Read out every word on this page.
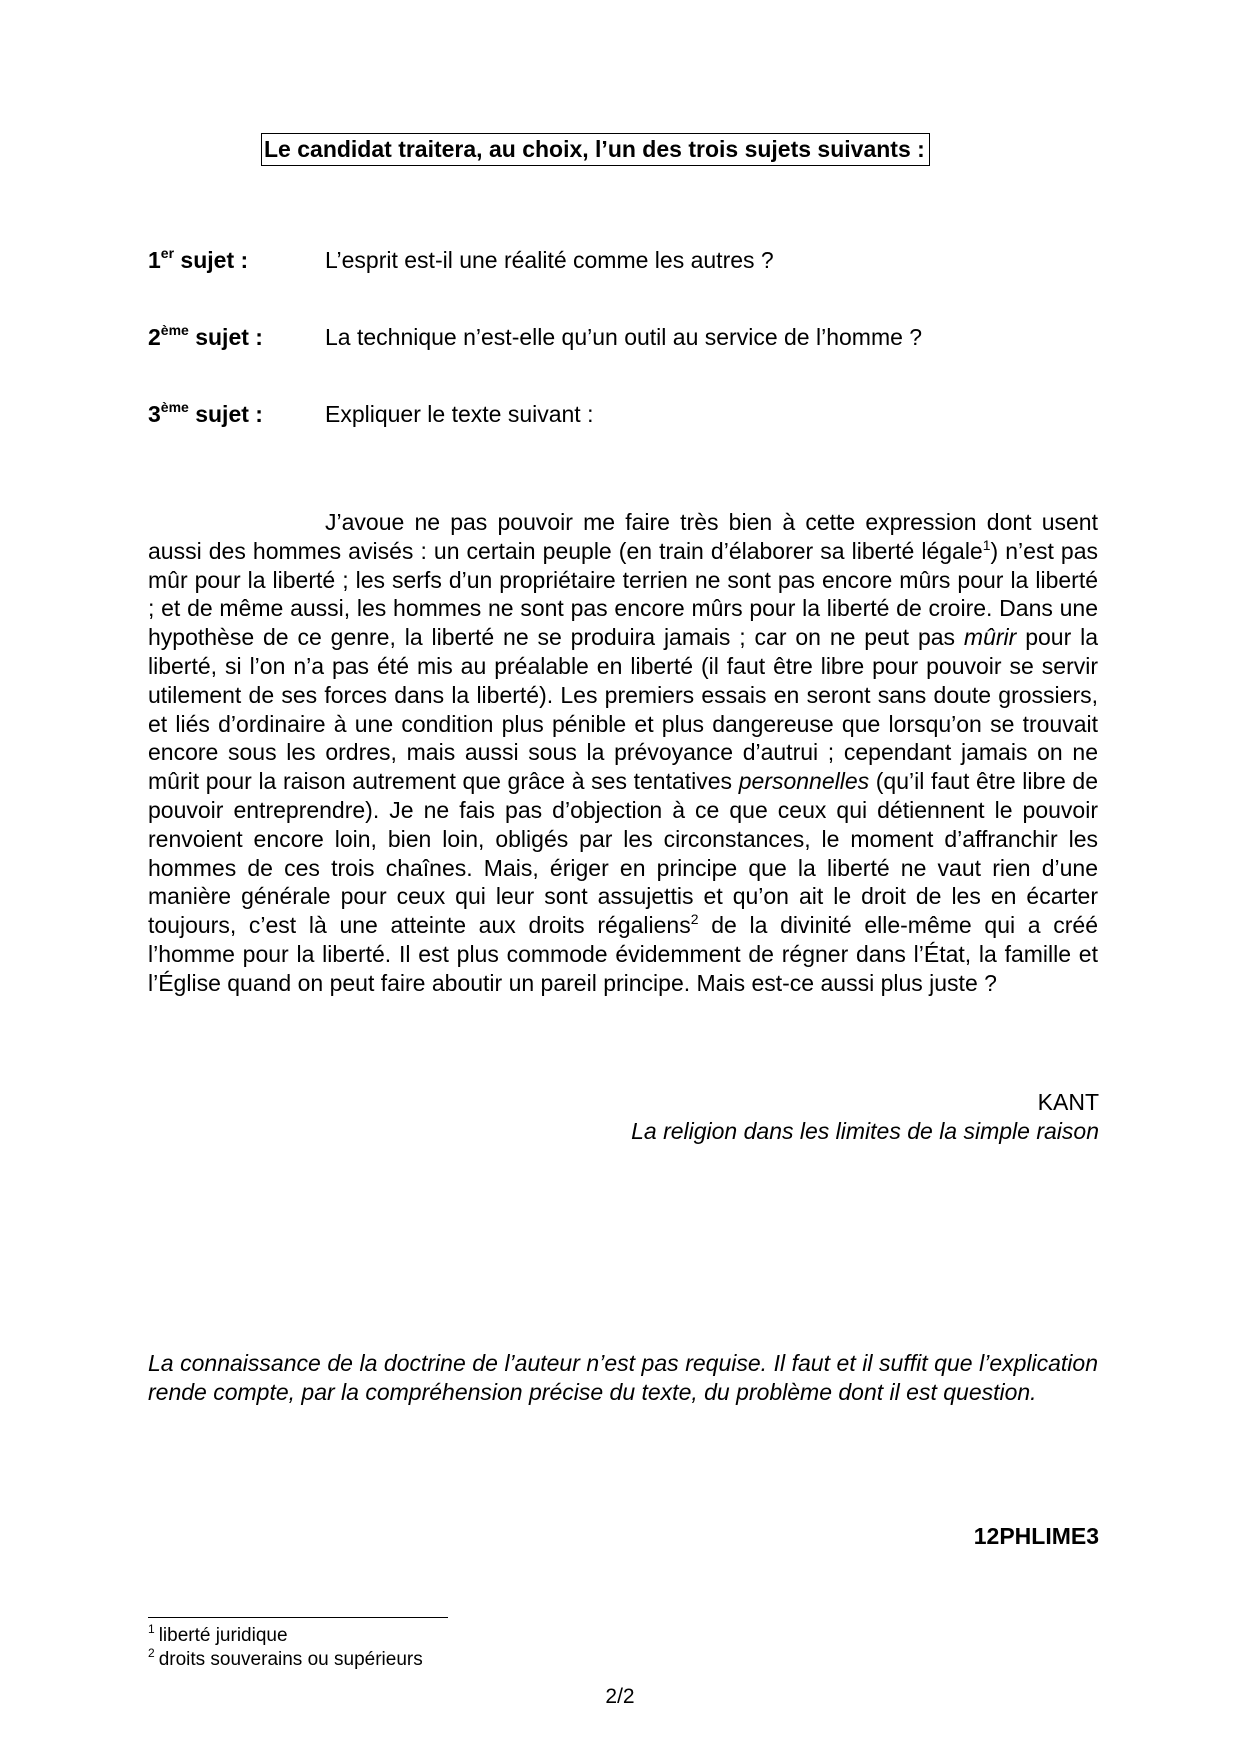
Le candidat traitera, au choix, l’un des trois sujets suivants :
1er sujet :	L’esprit est-il une réalité comme les autres ?
2ème sujet :	La technique n’est-elle qu’un outil au service de l’homme ?
3ème sujet :	Expliquer le texte suivant :

J’avoue ne pas pouvoir me faire très bien à cette expression dont usent aussi des hommes avisés : un certain peuple (en train d’élaborer sa liberté légale$^1$) n’est pas mûr pour la liberté ; les serfs d’un propriétaire terrien ne sont pas encore mûrs pour la liberté ; et de même aussi, les hommes ne sont pas encore mûrs pour la liberté de croire. Dans une hypothèse de ce genre, la liberté ne se produira jamais ; car on ne peut pas mûrir pour la liberté, si l’on n’a pas été mis au préalable en liberté (il faut être libre pour pouvoir se servir utilement de ses forces dans la liberté). Les premiers essais en seront sans doute grossiers, et liés d’ordinaire à une condition plus pénible et plus dangereuse que lorsqu’on se trouvait encore sous les ordres, mais aussi sous la prévoyance d’autrui ; cependant jamais on ne mûrit pour la raison autrement que grâce à ses tentatives personnelles (qu’il faut être libre de pouvoir entreprendre). Je ne fais pas d’objection à ce que ceux qui détiennent le pouvoir renvoient encore loin, bien loin, obligés par les circonstances, le moment d’affranchir les hommes de ces trois chaînes. Mais, ériger en principe que la liberté ne vaut rien d’une manière générale pour ceux qui leur sont assujettis et qu’on ait le droit de les en écarter toujours, c’est là une atteinte aux droits régaliens$^2$ de la divinité elle-même qui a créé l’homme pour la liberté. Il est plus commode évidemment de régner dans l’État, la famille et l’Église quand on peut faire aboutir un pareil principe. Mais est-ce aussi plus juste ?

KANT
La religion dans les limites de la simple raison
La connaissance de la doctrine de l’auteur n’est pas requise. Il faut et il suffit que l’explication rende compte, par la compréhension précise du texte, du problème dont il est question.
12PHLIME3
$^1$ liberté juridique
$^2$ droits souverains ou supérieurs
2/2
